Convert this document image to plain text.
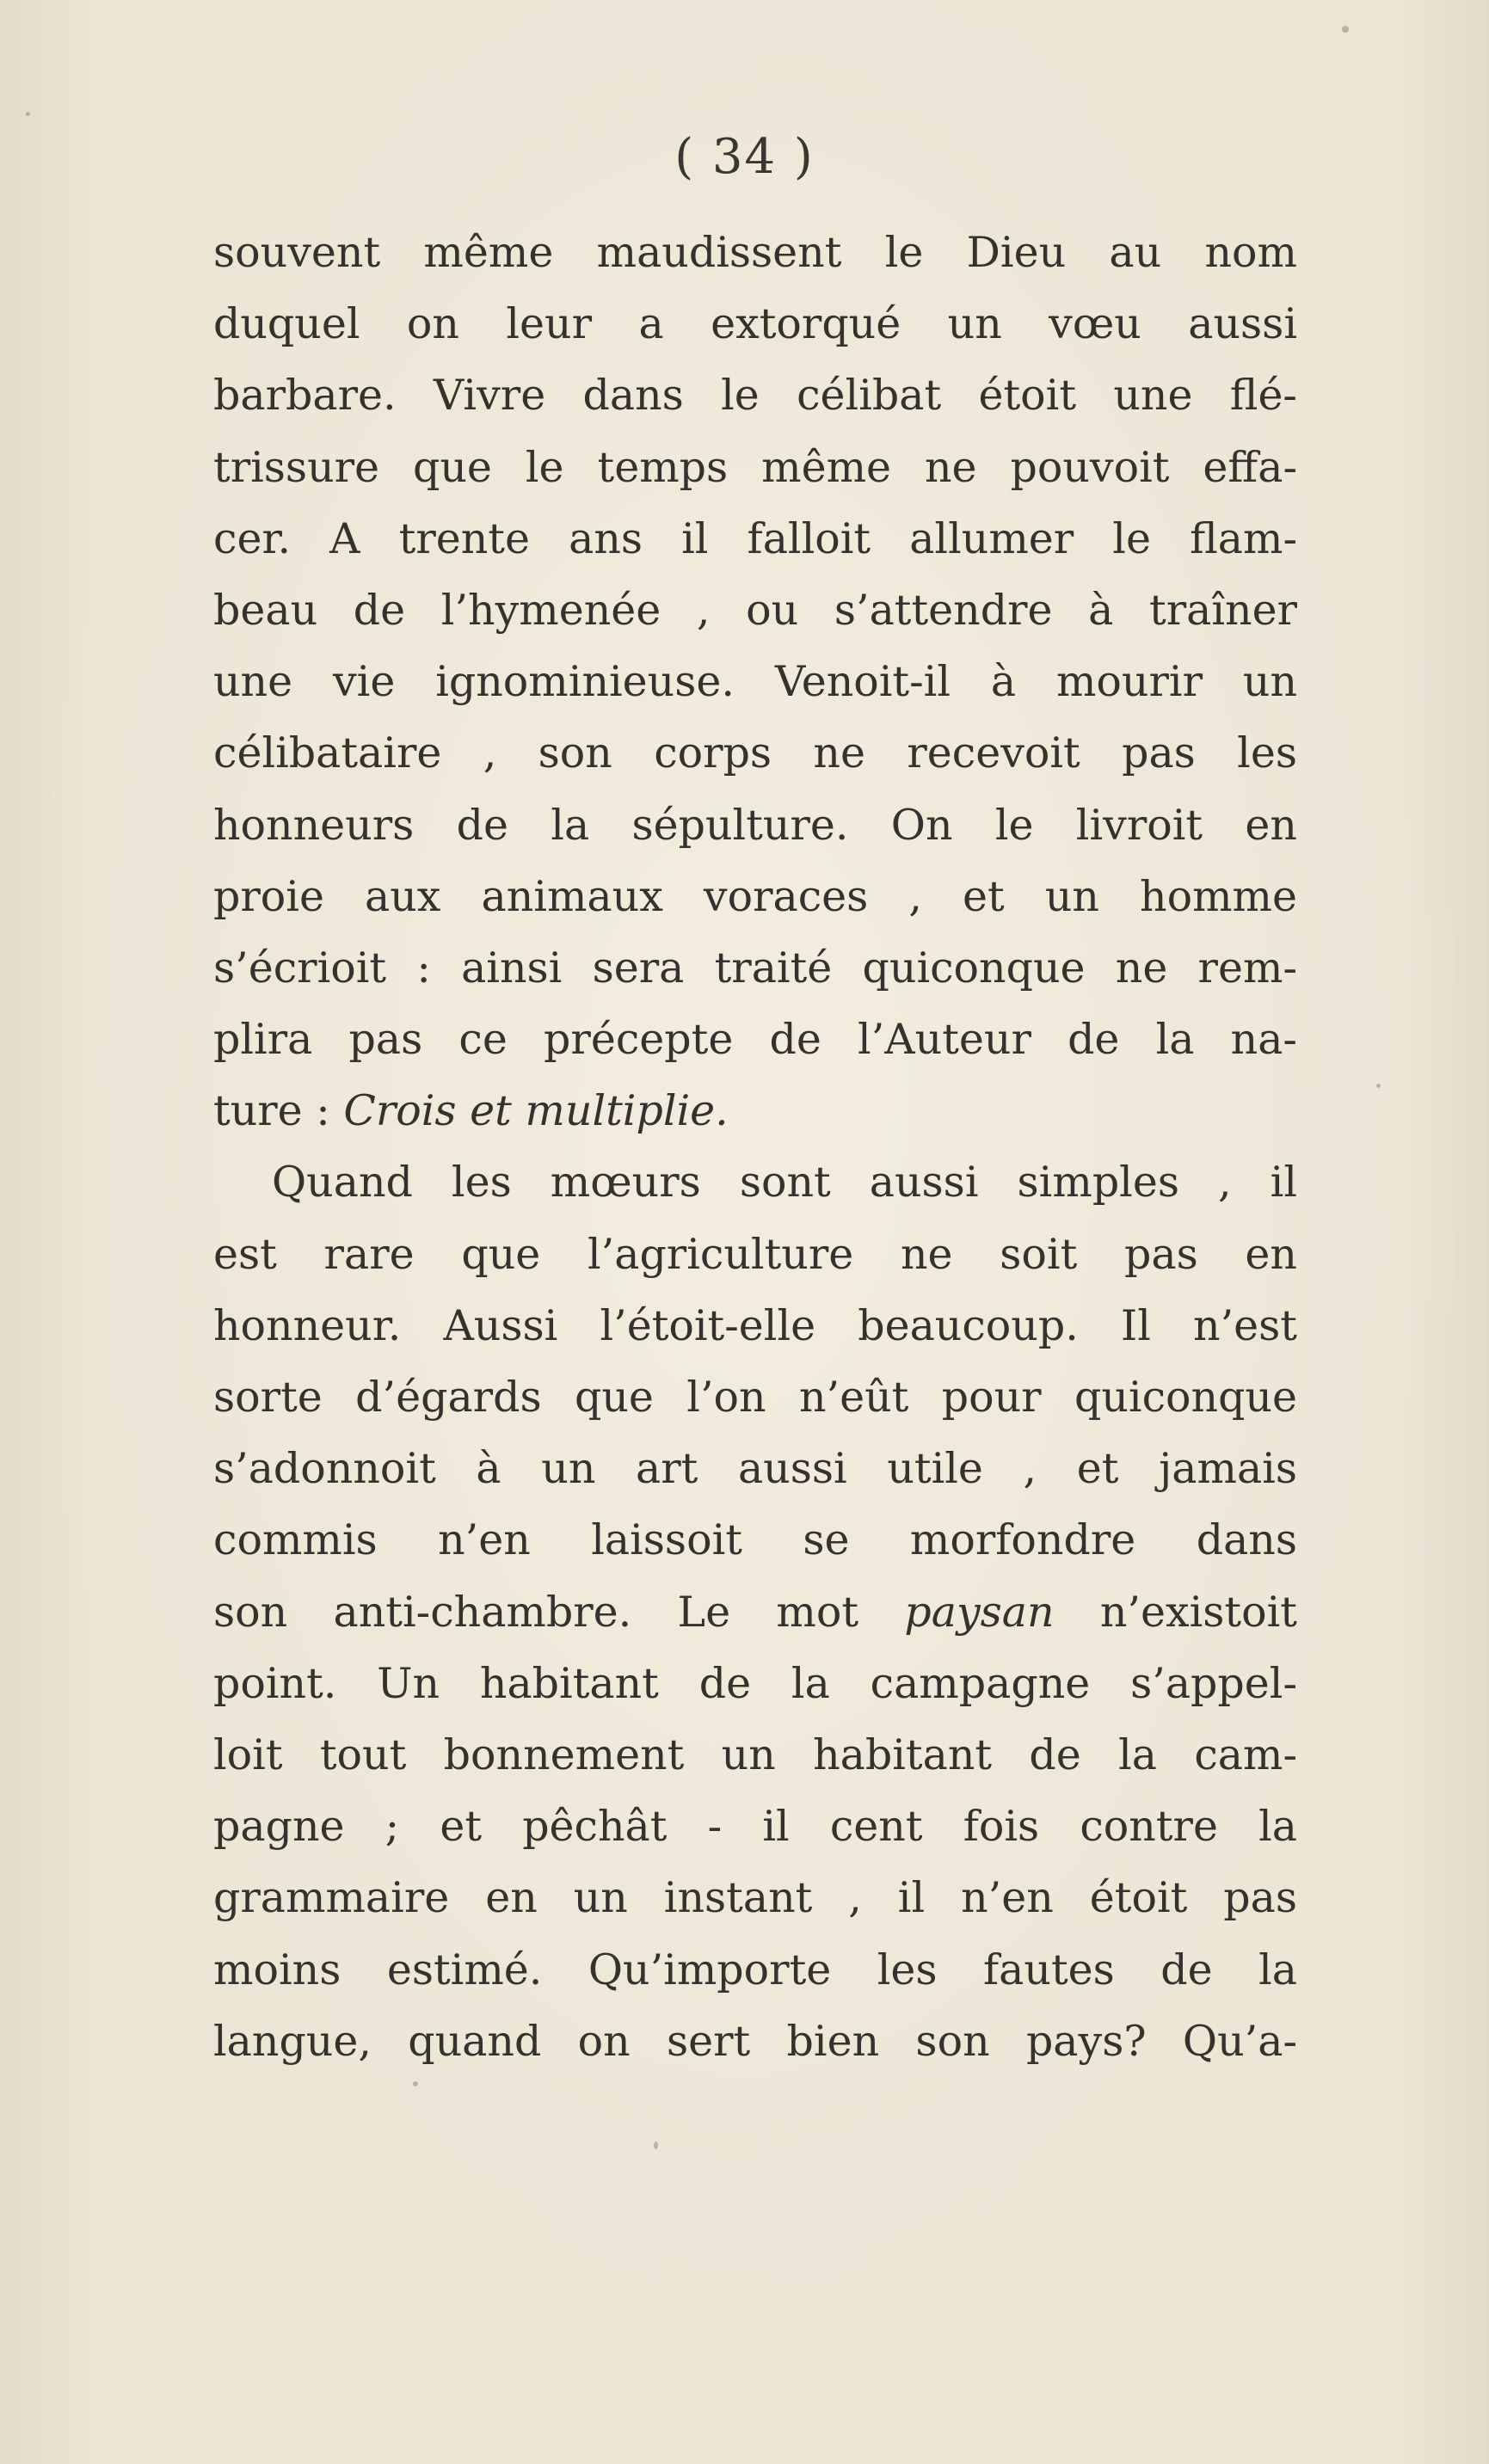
( 34 )
souvent même maudissent le Dieu au nom
duquel on leur a extorqué un vœu aussi
barbare. Vivre dans le célibat étoit une flé-
trissure que le temps même ne pouvoit effa-
cer. A trente ans il falloit allumer le flam-
beau de l’hymenée , ou s’attendre à traîner
une vie ignominieuse. Venoit-il à mourir un
célibataire , son corps ne recevoit pas les
honneurs de la sépulture. On le livroit en
proie aux animaux voraces , et un homme
s’écrioit : ainsi sera traité quiconque ne rem-
plira pas ce précepte de l’Auteur de la na-
ture : Crois et multiplie.
Quand les mœurs sont aussi simples , il
est rare que l’agriculture ne soit pas en
honneur. Aussi l’étoit-elle beaucoup. Il n’est
sorte d’égards que l’on n’eût pour quiconque
s’adonnoit à un art aussi utile , et jamais
commis n’en laissoit se morfondre dans
son anti-chambre. Le mot paysan n’existoit
point. Un habitant de la campagne s’appel-
loit tout bonnement un habitant de la cam-
pagne ; et pêchât - il cent fois contre la
grammaire en un instant , il n’en étoit pas
moins estimé. Qu’importe les fautes de la
langue, quand on sert bien son pays? Qu’a-
